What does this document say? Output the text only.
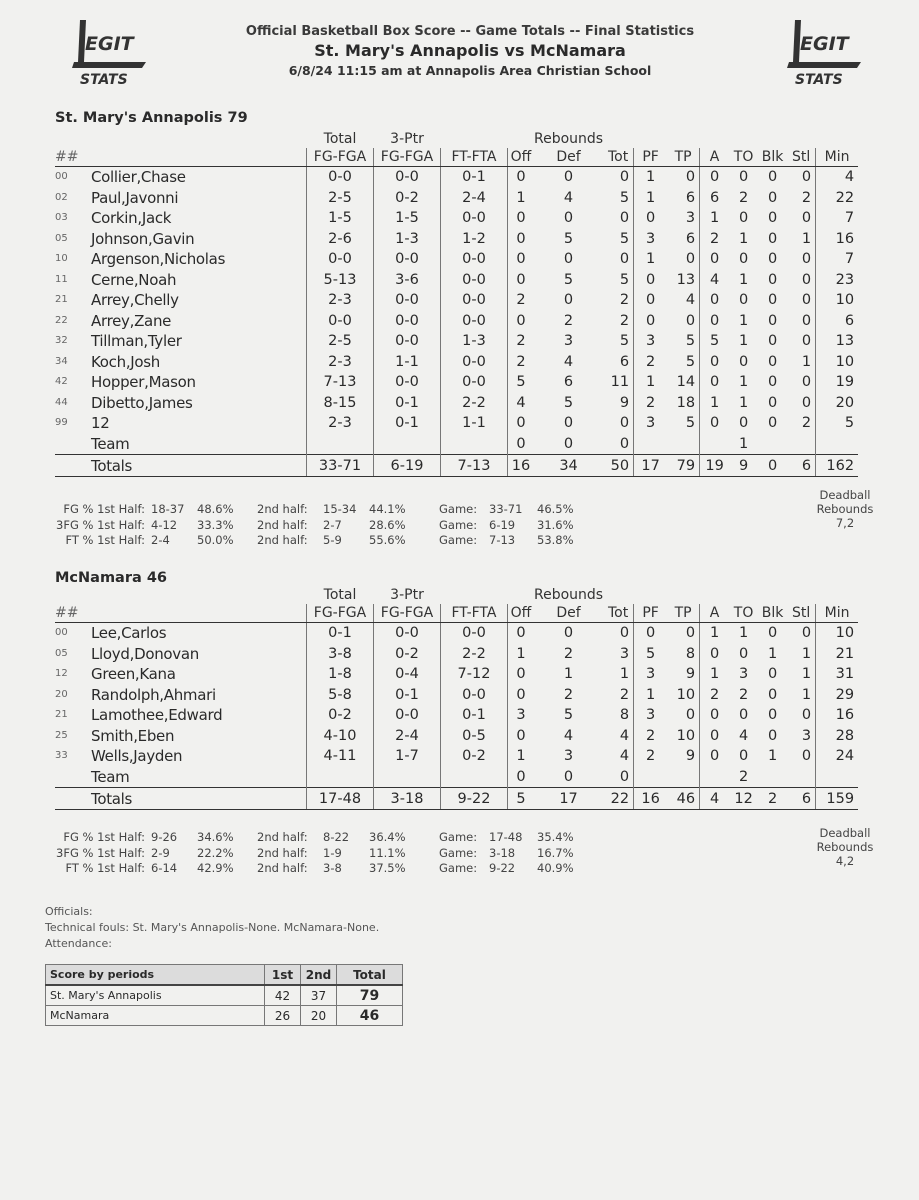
EGIT
STATS
EGIT
STATS
Official Basketball Box Score -- Game Totals -- Final Statistics
St. Mary's Annapolis vs McNamara
6/8/24 11:15 am at Annapolis Area Christian School
St. Mary's Annapolis 79
		Total	3-Ptr			Rebounds								
##		FG-FGA	FG-FGA	FT-FTA	Off	Def	Tot	PF	TP	A	TO	Blk	Stl	Min
00	Collier,Chase	0-0	0-0	0-1	0	0	0	1	0	0	0	0	0	4
02	Paul,Javonni	2-5	0-2	2-4	1	4	5	1	6	6	2	0	2	22
03	Corkin,Jack	1-5	1-5	0-0	0	0	0	0	3	1	0	0	0	7
05	Johnson,Gavin	2-6	1-3	1-2	0	5	5	3	6	2	1	0	1	16
10	Argenson,Nicholas	0-0	0-0	0-0	0	0	0	1	0	0	0	0	0	7
11	Cerne,Noah	5-13	3-6	0-0	0	5	5	0	13	4	1	0	0	23
21	Arrey,Chelly	2-3	0-0	0-0	2	0	2	0	4	0	0	0	0	10
22	Arrey,Zane	0-0	0-0	0-0	0	2	2	0	0	0	1	0	0	6
32	Tillman,Tyler	2-5	0-0	1-3	2	3	5	3	5	5	1	0	0	13
34	Koch,Josh	2-3	1-1	0-0	2	4	6	2	5	0	0	0	1	10
42	Hopper,Mason	7-13	0-0	0-0	5	6	11	1	14	0	1	0	0	19
44	Dibetto,James	8-15	0-1	2-2	4	5	9	2	18	1	1	0	0	20
99	12	2-3	0-1	1-1	0	0	0	3	5	0	0	0	2	5
	Team				0	0	0				1			
	Totals	33-71	6-19	7-13	16	34	50	17	79	19	9	0	6	162
FG % 1st Half: 18-37 48.6% 2nd half: 15-34 44.1%	Game: 33-71 46.5%
3FG % 1st Half: 4-12 33.3% 2nd half: 2-7 28.6%	Game: 6-19 31.6%
FT % 1st Half: 2-4 50.0% 2nd half: 5-9 55.6%	Game: 7-13 53.8%
Deadball
Rebounds
7,2
McNamara 46
		Total	3-Ptr			Rebounds								
##		FG-FGA	FG-FGA	FT-FTA	Off	Def	Tot	PF	TP	A	TO	Blk	Stl	Min
00	Lee,Carlos	0-1	0-0	0-0	0	0	0	0	0	1	1	0	0	10
05	Lloyd,Donovan	3-8	0-2	2-2	1	2	3	5	8	0	0	1	1	21
12	Green,Kana	1-8	0-4	7-12	0	1	1	3	9	1	3	0	1	31
20	Randolph,Ahmari	5-8	0-1	0-0	0	2	2	1	10	2	2	0	1	29
21	Lamothee,Edward	0-2	0-0	0-1	3	5	8	3	0	0	0	0	0	16
25	Smith,Eben	4-10	2-4	0-5	0	4	4	2	10	0	4	0	3	28
33	Wells,Jayden	4-11	1-7	0-2	1	3	4	2	9	0	0	1	0	24
	Team				0	0	0				2			
	Totals	17-48	3-18	9-22	5	17	22	16	46	4	12	2	6	159
FG % 1st Half: 9-26 34.6% 2nd half: 8-22 36.4%	Game: 17-48 35.4%
3FG % 1st Half: 2-9 22.2% 2nd half: 1-9 11.1%	Game: 3-18 16.7%
FT % 1st Half: 6-14 42.9% 2nd half: 3-8 37.5%	Game: 9-22 40.9%
Deadball
Rebounds
4,2
Officials:
Technical fouls: St. Mary's Annapolis-None. McNamara-None.
Attendance:
Score by periods	1st	2nd	Total
St. Mary's Annapolis	42	37	79
McNamara	26	20	46
